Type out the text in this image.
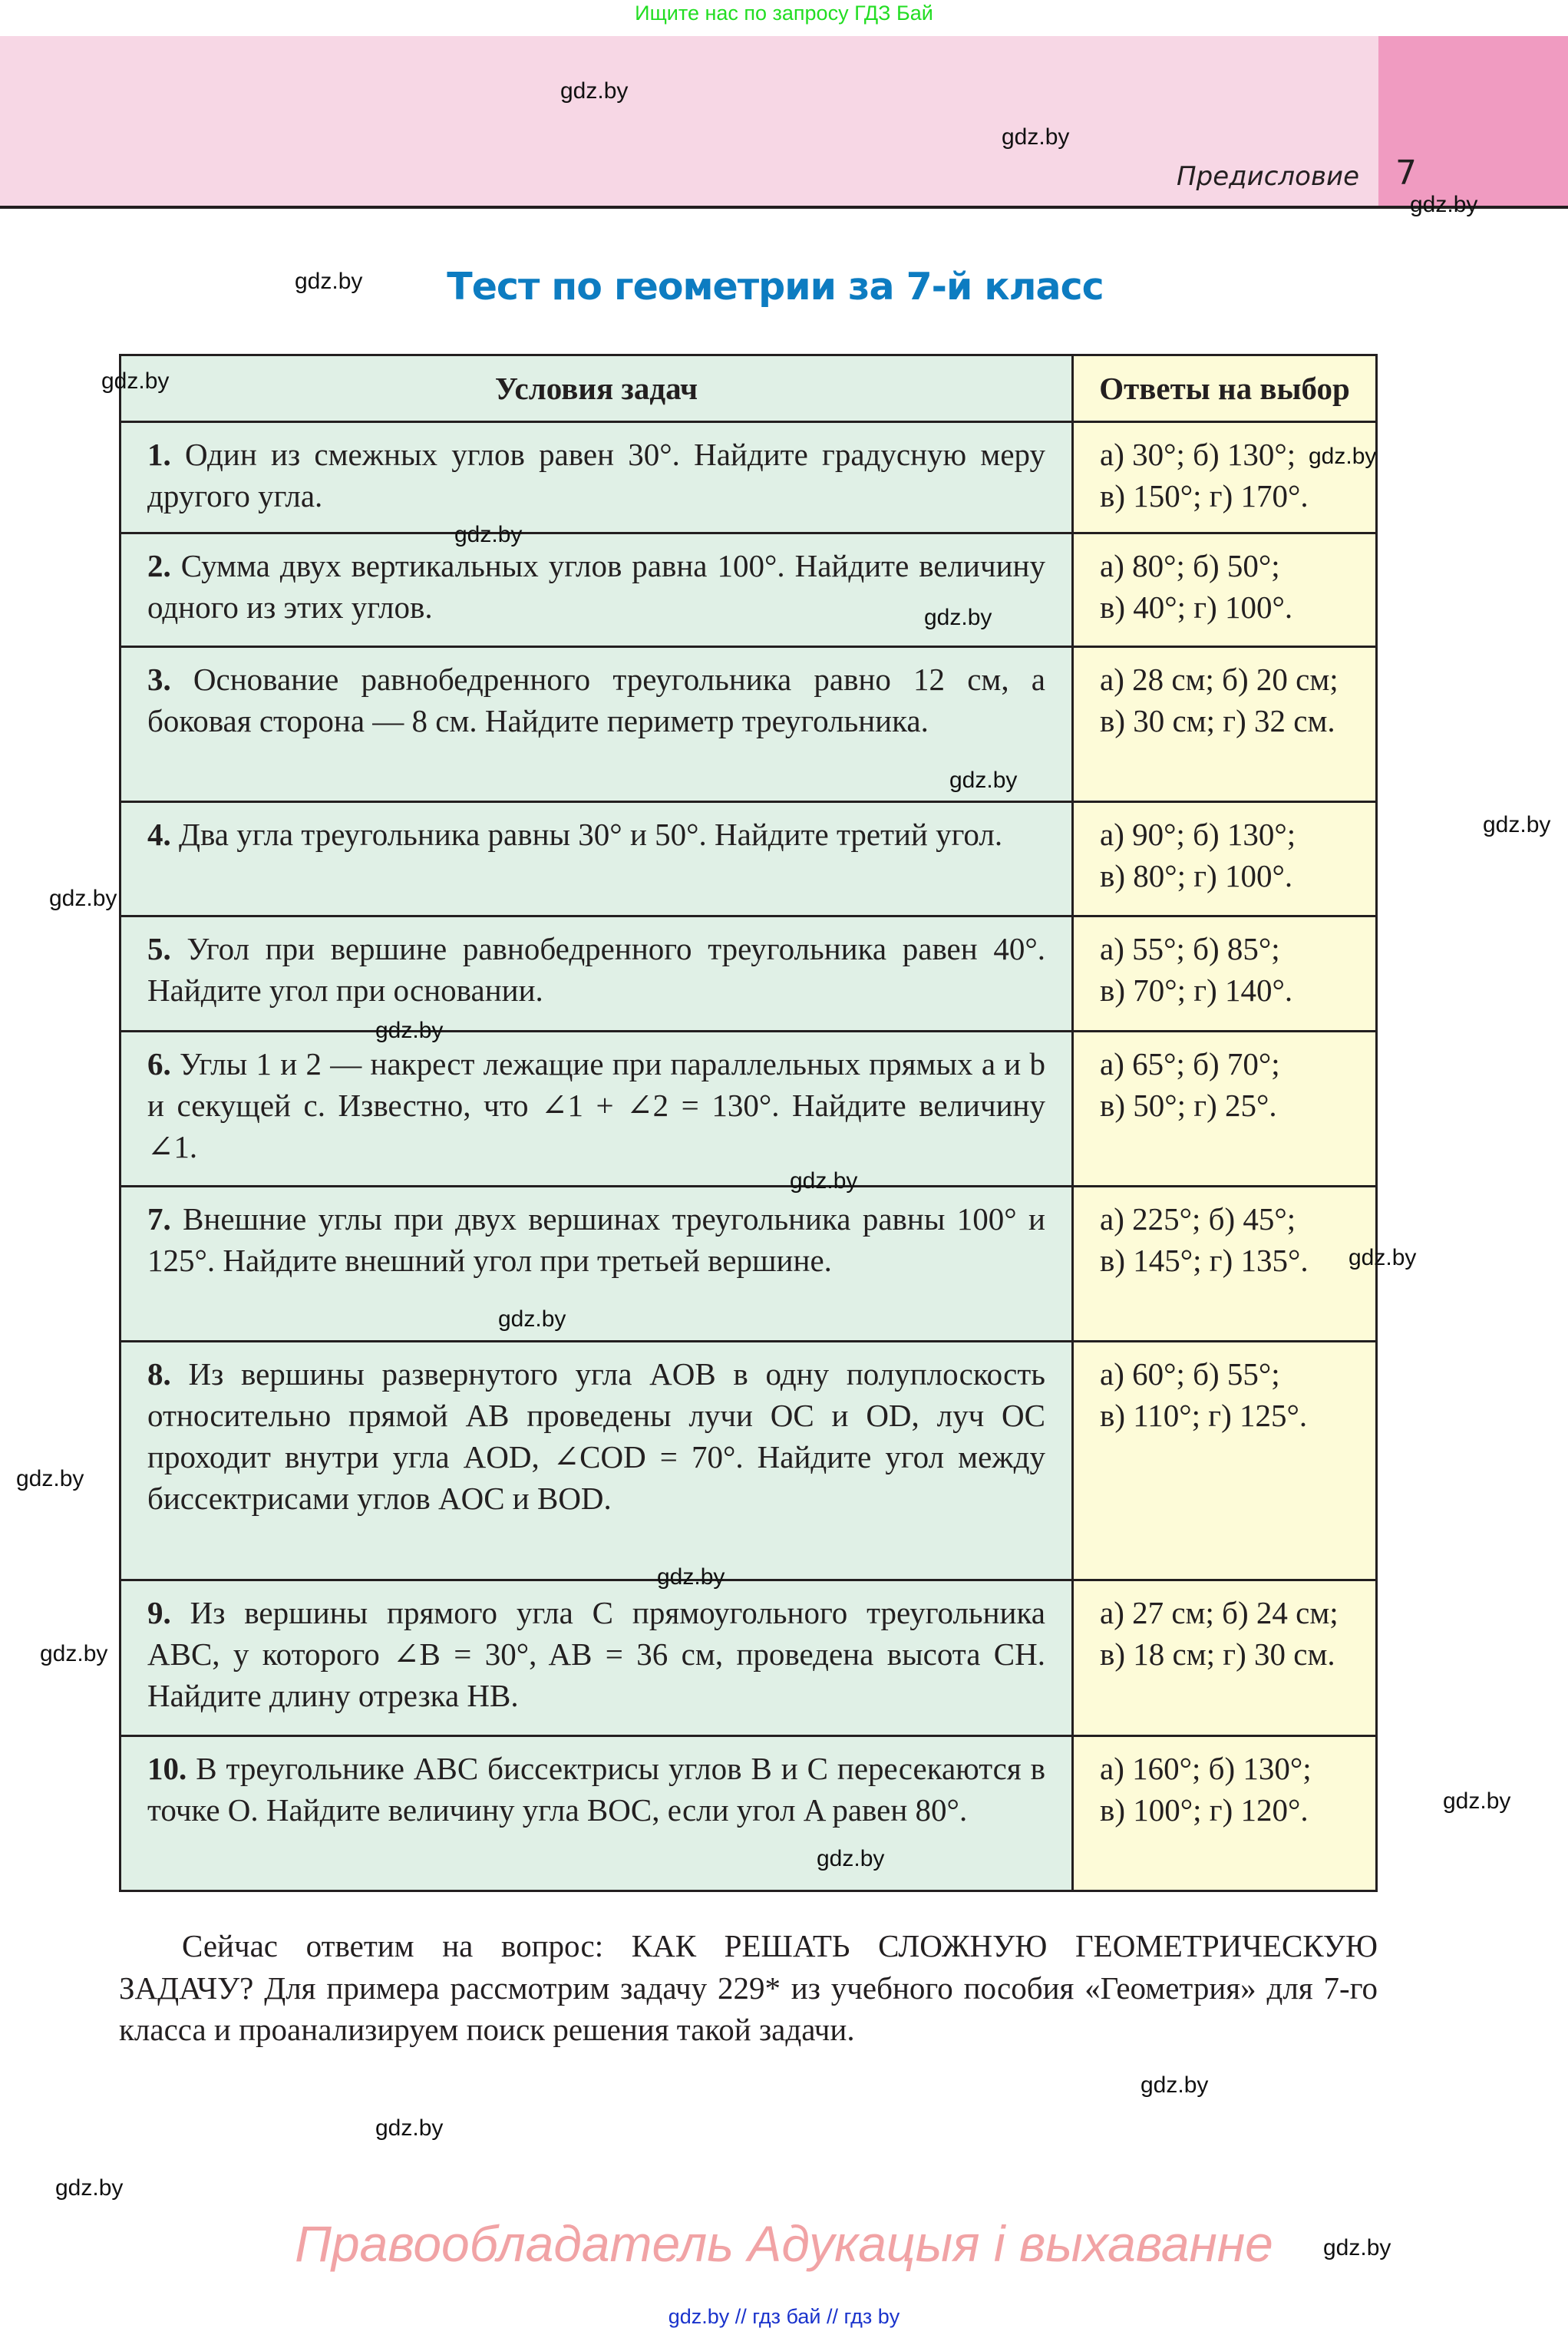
Ищите нас по запросу ГДЗ Бай
Предисловие 7
Тест по геометрии за 7-й класс
Условия задач	Ответы на выбор
1. Один из смежных углов равен 30°. Найдите градусную меру другого угла.	а) 30°; б) 130°;
в) 150°; г) 170°.
2. Сумма двух вертикальных углов равна 100°. Найдите величину одного из этих углов.	а) 80°; б) 50°;
в) 40°; г) 100°.
3. Основание равнобедренного треугольника равно 12 см, а боковая сторона — 8 см. Найдите периметр треугольника.	а) 28 см; б) 20 см;
в) 30 см; г) 32 см.
4. Два угла треугольника равны 30° и 50°. Найдите третий угол.	а) 90°; б) 130°;
в) 80°; г) 100°.
5. Угол при вершине равнобедренного треугольника равен 40°. Найдите угол при основании.	а) 55°; б) 85°;
в) 70°; г) 140°.
6. Углы 1 и 2 — накрест лежащие при параллельных прямых a и b и секущей c. Известно, что ∠1 + ∠2 = 130°. Найдите величину ∠1.	а) 65°; б) 70°;
в) 50°; г) 25°.
7. Внешние углы при двух вершинах треугольника равны 100° и 125°. Найдите внешний угол при третьей вершине.	а) 225°; б) 45°;
в) 145°; г) 135°.
8. Из вершины развернутого угла AOB в одну полуплоскость относительно прямой AB проведены лучи OC и OD, луч OC проходит внутри угла AOD, ∠COD = 70°. Найдите угол между биссектрисами углов AOC и BOD.	а) 60°; б) 55°;
в) 110°; г) 125°.
9. Из вершины прямого угла C прямоугольного треугольника ABC, у которого ∠B = 30°, AB = 36 см, проведена высота CH. Найдите длину отрезка HB.	а) 27 см; б) 24 см;
в) 18 см; г) 30 см.
10. В треугольнике ABC биссектрисы углов B и C пересекаются в точке O. Найдите величину угла BOC, если угол A равен 80°.	а) 160°; б) 130°;
в) 100°; г) 120°.
Сейчас ответим на вопрос: КАК РЕШАТЬ СЛОЖНУЮ ГЕОМЕТРИЧЕСКУЮ ЗАДАЧУ? Для примера рассмотрим задачу 229* из учебного пособия «Геометрия» для 7-го класса и проанализируем поиск решения такой задачи.
Правообладатель Адукацыя і выхаванне
gdz.by // гдз бай // гдз by
gdz.by
gdz.by
gdz.by
gdz.by
gdz.by
gdz.by
gdz.by
gdz.by
gdz.by
gdz.by
gdz.by
gdz.by
gdz.by
gdz.by
gdz.by
gdz.by
gdz.by
gdz.by
gdz.by
gdz.by
gdz.by
gdz.by
gdz.by
gdz.by
